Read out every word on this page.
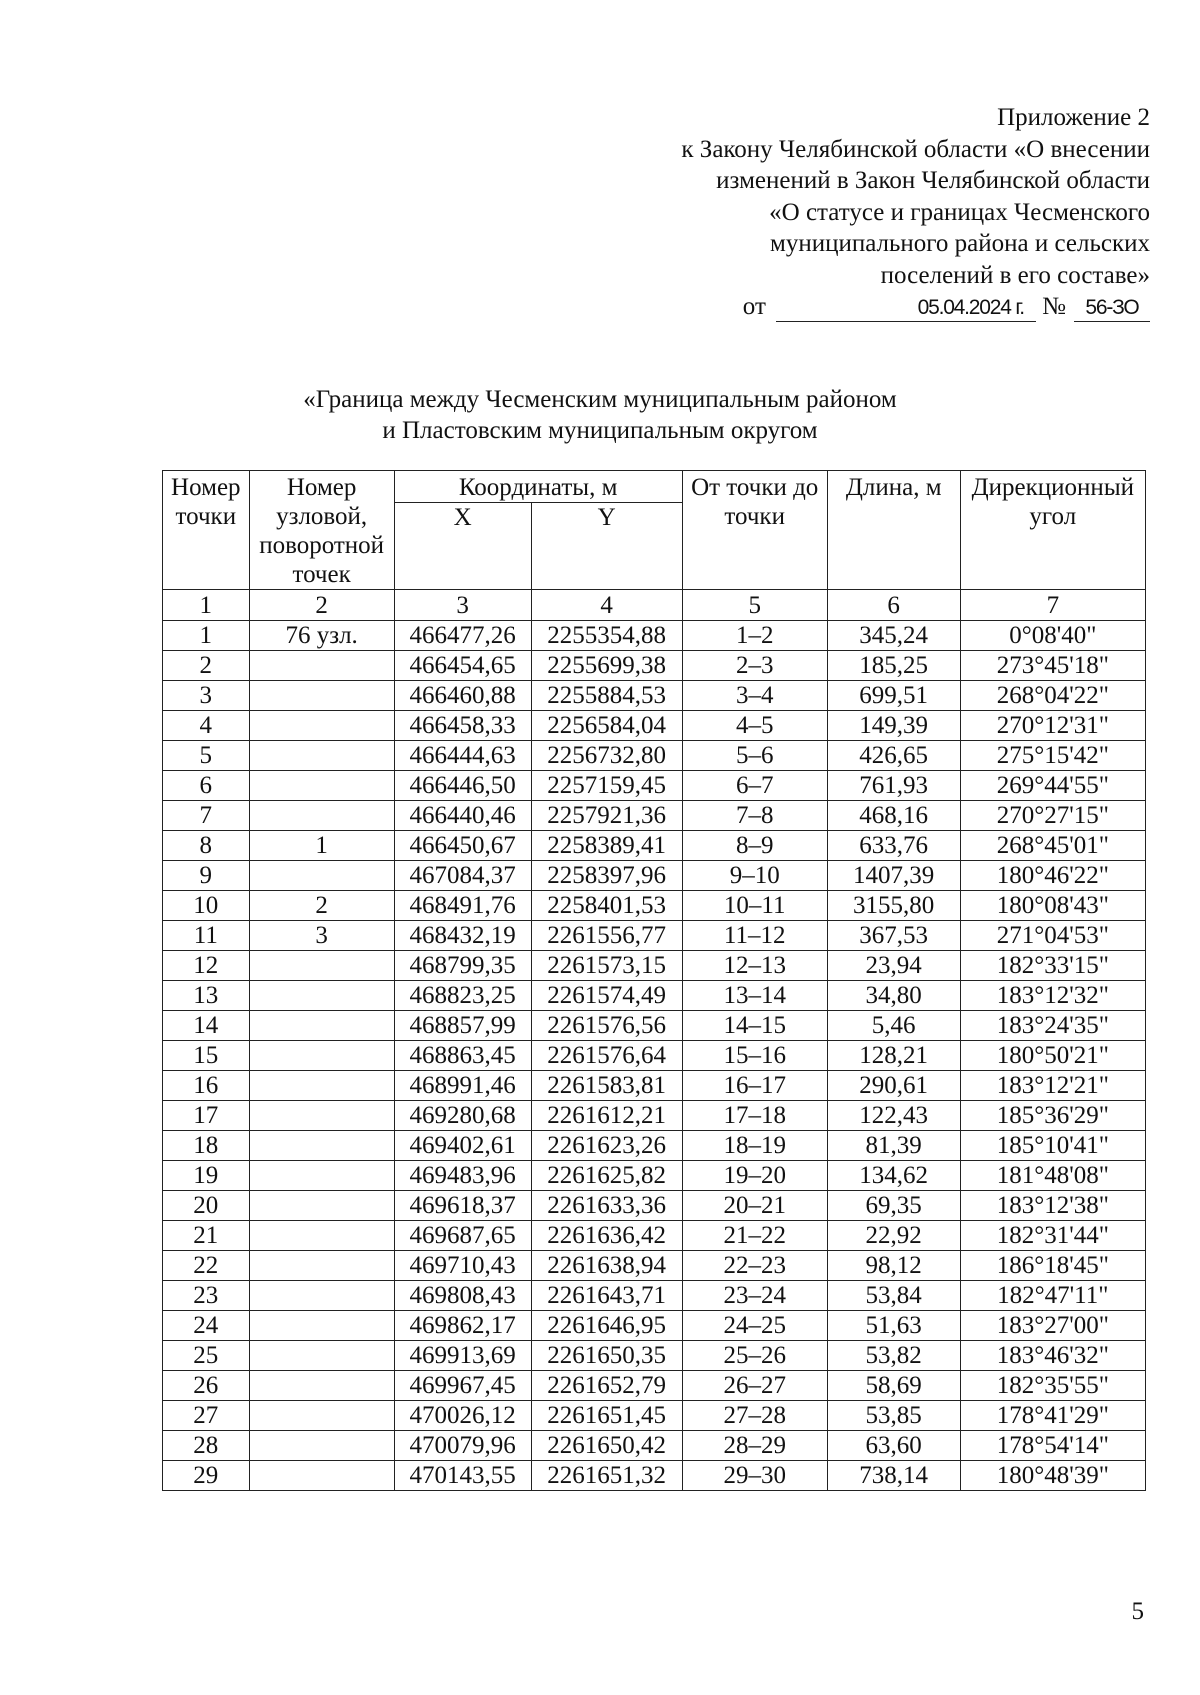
Приложение 2
к Закону Челябинской области «О внесении
изменений в Закон Челябинской области
«О статусе и границах Чесменского
муниципального района и сельских
поселений в его составе»
от	05.04.2024 г. № 56-ЗО
«Граница между Чесменским муниципальным районом
и Пластовским муниципальным округом
Номер точки	Номер узловой, поворотной точек	Координаты, м		От точки до точки	Длина, м	Дирекционный угол
		X	Y			
1	2	3	4	5	6	7
1	76 узл.	466477,26	2255354,88	1–2	345,24	0°08'40"
2		466454,65	2255699,38	2–3	185,25	273°45'18"
3		466460,88	2255884,53	3–4	699,51	268°04'22"
4		466458,33	2256584,04	4–5	149,39	270°12'31"
5		466444,63	2256732,80	5–6	426,65	275°15'42"
6		466446,50	2257159,45	6–7	761,93	269°44'55"
7		466440,46	2257921,36	7–8	468,16	270°27'15"
8	1	466450,67	2258389,41	8–9	633,76	268°45'01"
9		467084,37	2258397,96	9–10	1407,39	180°46'22"
10	2	468491,76	2258401,53	10–11	3155,80	180°08'43"
11	3	468432,19	2261556,77	11–12	367,53	271°04'53"
12		468799,35	2261573,15	12–13	23,94	182°33'15"
13		468823,25	2261574,49	13–14	34,80	183°12'32"
14		468857,99	2261576,56	14–15	5,46	183°24'35"
15		468863,45	2261576,64	15–16	128,21	180°50'21"
16		468991,46	2261583,81	16–17	290,61	183°12'21"
17		469280,68	2261612,21	17–18	122,43	185°36'29"
18		469402,61	2261623,26	18–19	81,39	185°10'41"
19		469483,96	2261625,82	19–20	134,62	181°48'08"
20		469618,37	2261633,36	20–21	69,35	183°12'38"
21		469687,65	2261636,42	21–22	22,92	182°31'44"
22		469710,43	2261638,94	22–23	98,12	186°18'45"
23		469808,43	2261643,71	23–24	53,84	182°47'11"
24		469862,17	2261646,95	24–25	51,63	183°27'00"
25		469913,69	2261650,35	25–26	53,82	183°46'32"
26		469967,45	2261652,79	26–27	58,69	182°35'55"
27		470026,12	2261651,45	27–28	53,85	178°41'29"
28		470079,96	2261650,42	28–29	63,60	178°54'14"
29		470143,55	2261651,32	29–30	738,14	180°48'39"
5
